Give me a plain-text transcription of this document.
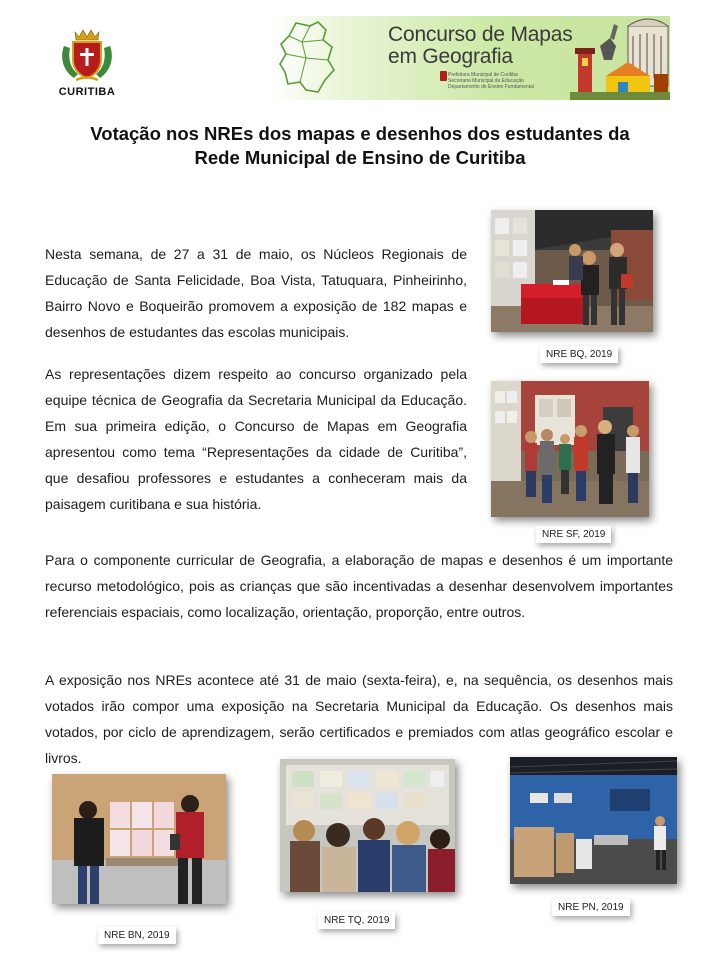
CURITIBA
Concurso de Mapas
em Geografia
Prefeitura Municipal de Curitiba
Secretaria Municipal da Educação
Departamento de Ensino Fundamental
Votação nos NREs dos mapas e desenhos dos estudantes da
Rede Municipal de Ensino de Curitiba

Nesta semana, de 27 a 31 de maio, os Núcleos Regionais de Educação de Santa Felicidade, Boa Vista, Tatuquara, Pinheirinho, Bairro Novo e Boqueirão promovem a exposição de 182 mapas e desenhos de estudantes das escolas municipais.

As representações dizem respeito ao concurso organizado pela equipe técnica de Geografia da Secretaria Municipal da Educação. Em sua primeira edição, o Concurso de Mapas em Geografia apresentou como tema “Representações da cidade de Curitiba”, que desafiou professores e estudantes a conheceram mais da paisagem curitibana e sua história.

Para o componente curricular de Geografia, a elaboração de mapas e desenhos é um importante recurso metodológico, pois as crianças que são incentivadas a desenhar desenvolvem importantes referenciais espaciais, como localização, orientação, proporção, entre outros.

A exposição nos NREs acontece até 31 de maio (sexta-feira), e, na sequência, os desenhos mais votados irão compor uma exposição na Secretaria Municipal da Educação. Os desenhos mais votados, por ciclo de aprendizagem, serão certificados e premiados com atlas geográfico escolar e livros.

NRE BQ, 2019
NRE SF, 2019
NRE BN, 2019
NRE TQ, 2019
NRE PN, 2019
